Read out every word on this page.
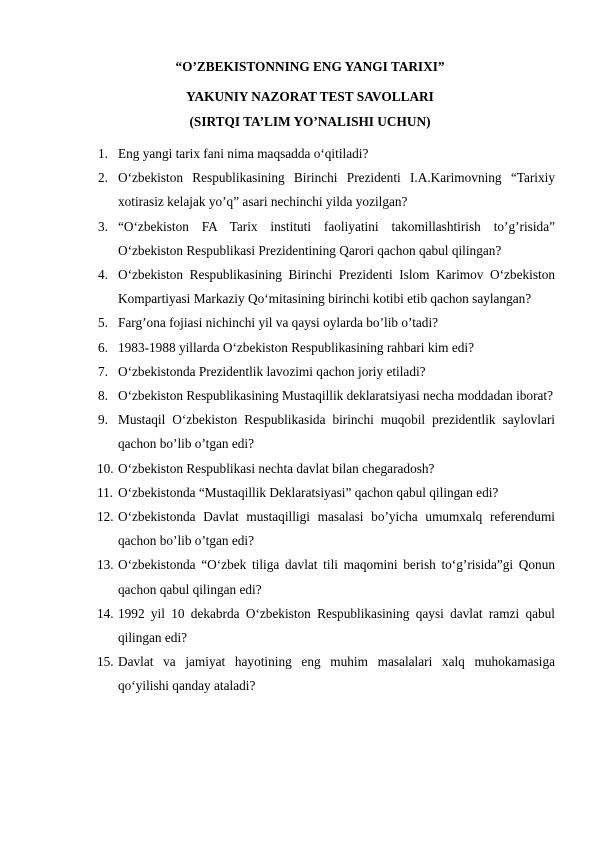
“O’ZBEKISTONNING ENG YANGI TARIXI”
YAKUNIY NAZORAT TEST SAVOLLARI
(SIRTQI TA’LIM YO’NALISHI UCHUN)
1. Eng yangi tarix fani nima maqsadda o‘qitiladi?
2. O‘zbekiston Respublikasining Birinchi Prezidenti I.A.Karimovning “Tarixiy xotirasiz kelajak yo’q” asari nechinchi yilda yozilgan?
3. “O‘zbekiston FA Tarix instituti faoliyatini takomillashtirish to’g’risida” O‘zbekiston Respublikasi Prezidentining Qarori qachon qabul qilingan?
4. O‘zbekiston Respublikasining Birinchi Prezidenti Islom Karimov O‘zbekiston Kompartiyasi Markaziy Qo‘mitasining birinchi kotibi etib qachon saylangan?
5. Farg’ona fojiasi nichinchi yil va qaysi oylarda bo’lib o’tadi?
6. 1983-1988 yillarda O‘zbekiston Respublikasining rahbari kim edi?
7. O‘zbekistonda Prezidentlik lavozimi qachon joriy etiladi?
8. O‘zbekiston Respublikasining Mustaqillik deklaratsiyasi necha moddadan iborat?
9. Mustaqil O‘zbekiston Respublikasida birinchi muqobil prezidentlik saylovlari qachon bo’lib o’tgan edi?
10. O‘zbekiston Respublikasi nechta davlat bilan chegaradosh?
11. O‘zbekistonda “Mustaqillik Deklaratsiyasi” qachon qabul qilingan edi?
12. O‘zbekistonda Davlat mustaqilligi masalasi bo’yicha umumxalq referendumi qachon bo’lib o’tgan edi?
13. O‘zbekistonda “O‘zbek tiliga davlat tili maqomini berish to‘g’risida”gi Qonun qachon qabul qilingan edi?
14. 1992 yil 10 dekabrda O‘zbekiston Respublikasining qaysi davlat ramzi qabul qilingan edi?
15. Davlat va jamiyat hayotining eng muhim masalalari xalq muhokamasiga qo‘yilishi qanday ataladi?
